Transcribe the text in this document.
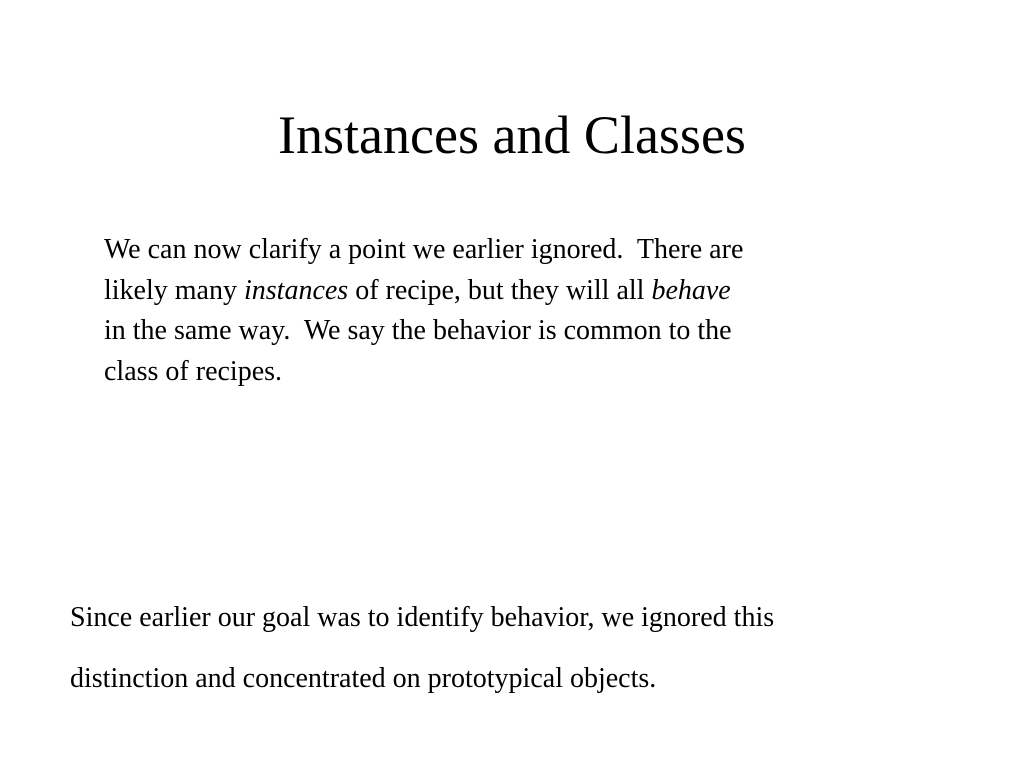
Instances and Classes

We can now clarify a point we earlier ignored.  There are
likely many instances of recipe, but they will all behave
in the same way.  We say the behavior is common to the
class of recipes.

Since earlier our goal was to identify behavior, we ignored this
distinction and concentrated on prototypical objects.
